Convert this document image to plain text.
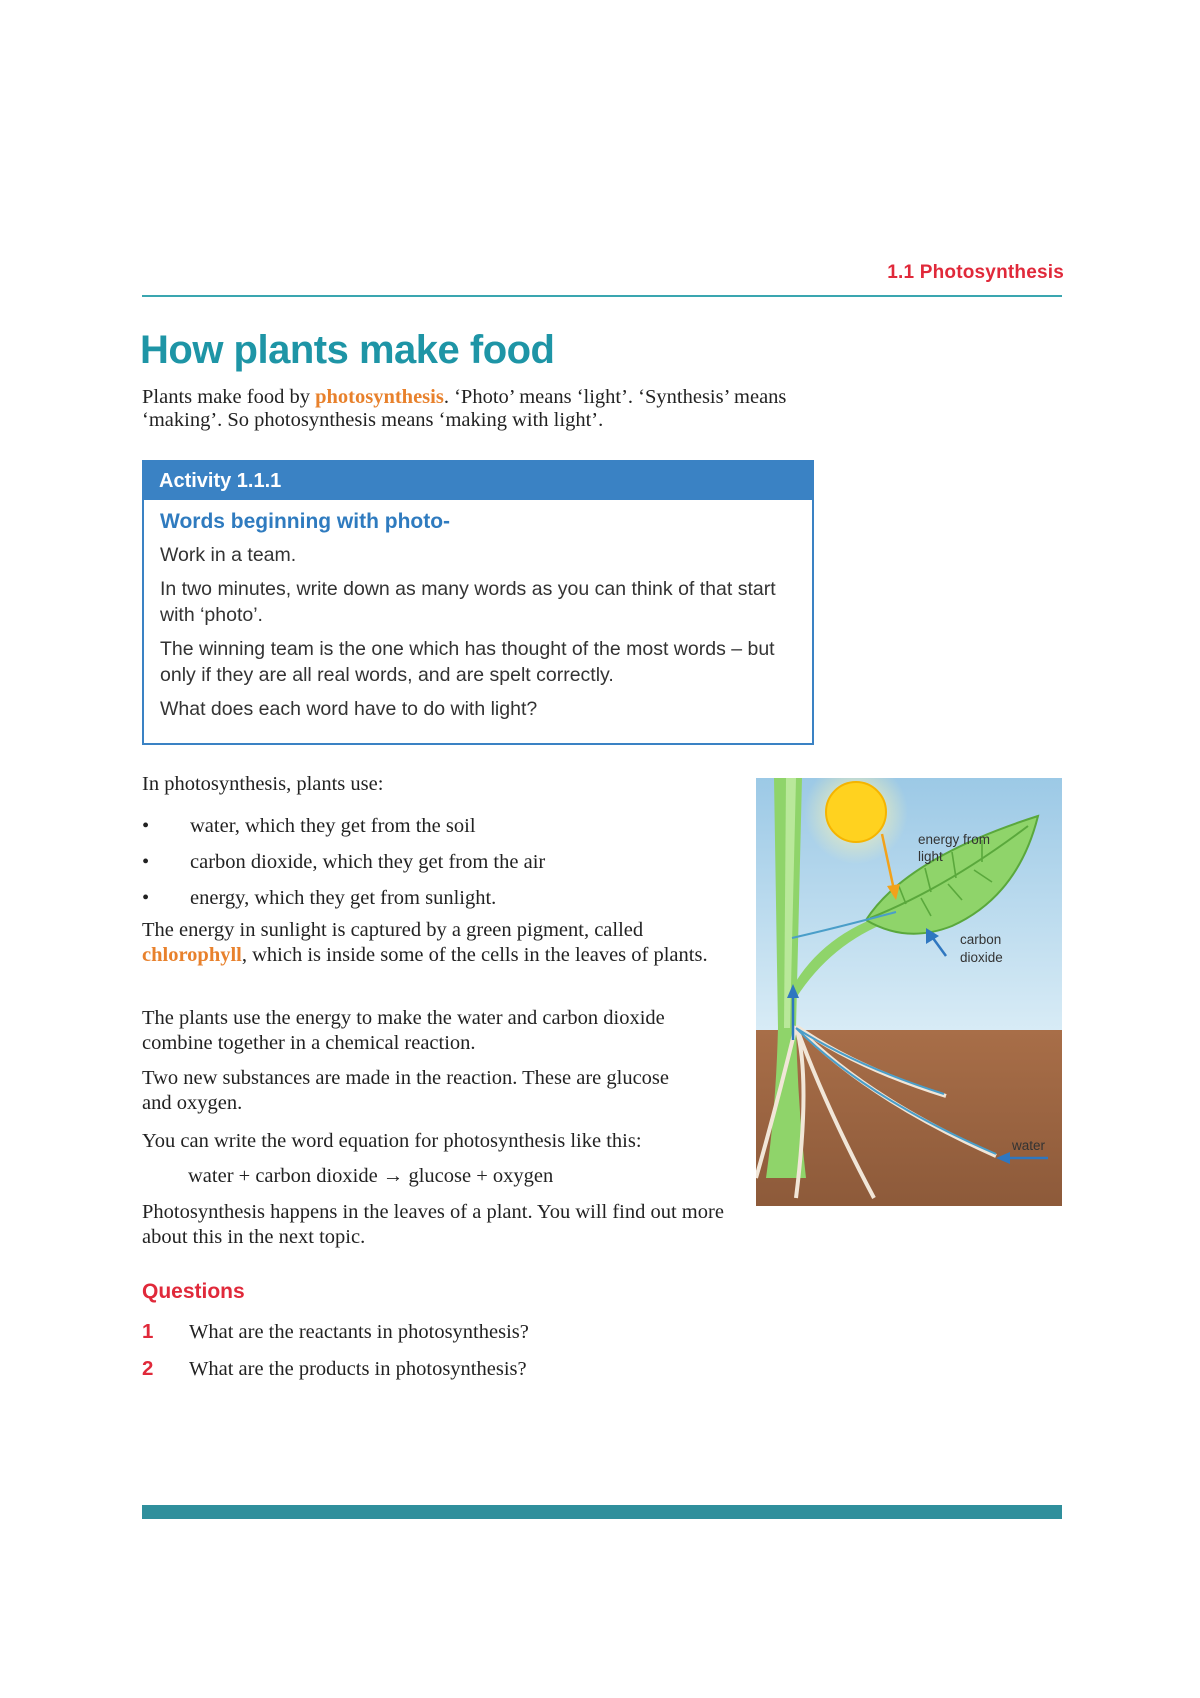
1.1 Photosynthesis
How plants make food
Plants make food by photosynthesis. ‘Photo’ means ‘light’. ‘Synthesis’ means ‘making’. So photosynthesis means ‘making with light’.
Activity 1.1.1
Words beginning with photo-

Work in a team.

In two minutes, write down as many words as you can think of that start with ‘photo’.

The winning team is the one which has thought of the most words – but only if they are all real words, and are spelt correctly.

What does each word have to do with light?

In photosynthesis, plants use:

• water, which they get from the soil
• carbon dioxide, which they get from the air
• energy, which they get from sunlight.

The energy in sunlight is captured by a green pigment, called chlorophyll, which is inside some of the cells in the leaves of plants.

The plants use the energy to make the water and carbon dioxide combine together in a chemical reaction.

Two new substances are made in the reaction. These are glucose and oxygen.

You can write the word equation for photosynthesis like this:

water + carbon dioxide → glucose + oxygen

Photosynthesis happens in the leaves of a plant. You will find out more about this in the next topic.

Questions
1 What are the reactants in photosynthesis?
2 What are the products in photosynthesis?
energy from
light
carbon
dioxide
water
